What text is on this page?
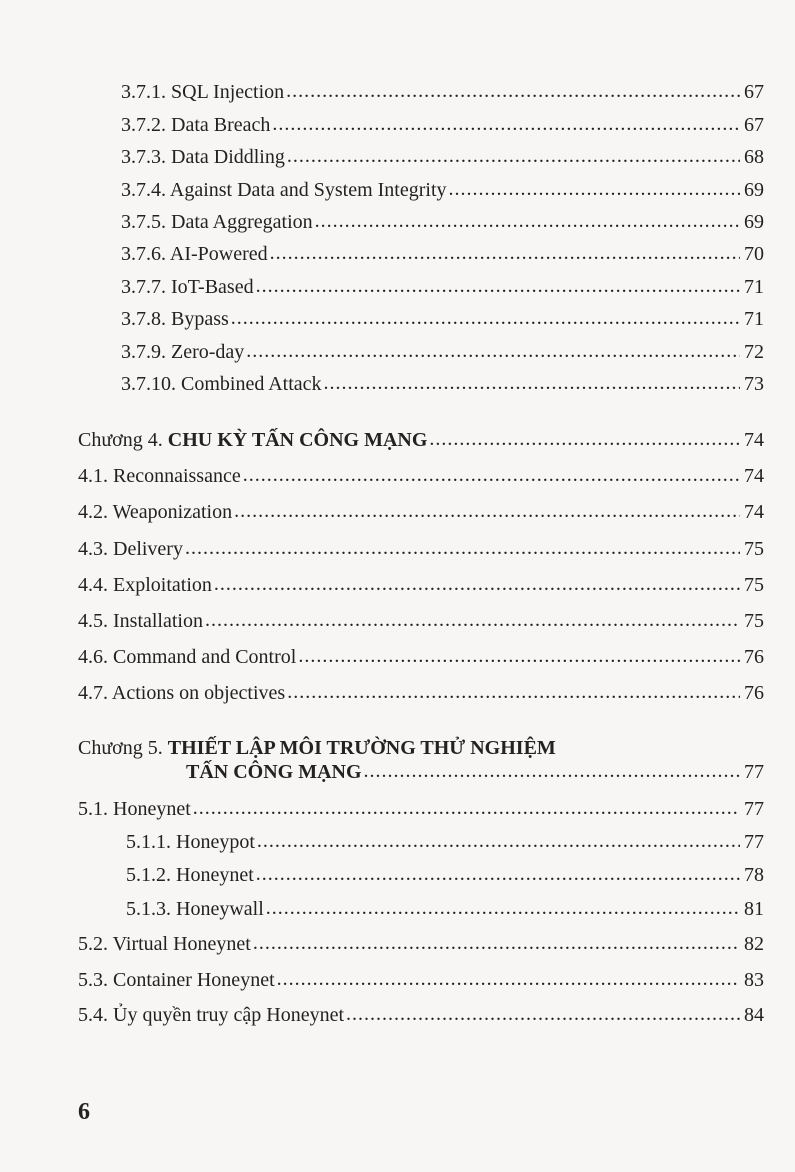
3.7.1. SQL Injection .....	67
3.7.2. Data Breach .....	67
3.7.3. Data Diddling .....	68
3.7.4. Against Data and System Integrity .....	69
3.7.5. Data Aggregation .....	69
3.7.6. AI-Powered .....	70
3.7.7. IoT-Based .....	71
3.7.8. Bypass .....	71
3.7.9. Zero-day .....	72
3.7.10. Combined Attack .....	73
Chương 4. CHU KỲ TẤN CÔNG MẠNG .....	74
4.1. Reconnaissance .....	74
4.2. Weaponization .....	74
4.3. Delivery .....	75
4.4. Exploitation .....	75
4.5. Installation .....	75
4.6. Command and Control .....	76
4.7. Actions on objectives .....	76
Chương 5. THIẾT LẬP MÔI TRƯỜNG THỬ NGHIỆM
TẤN CÔNG MẠNG .....	77
5.1. Honeynet .....	77
5.1.1. Honeypot .....	77
5.1.2. Honeynet .....	78
5.1.3. Honeywall .....	81
5.2. Virtual Honeynet .....	82
5.3. Container Honeynet .....	83
5.4. Ủy quyền truy cập Honeynet .....	84
6
